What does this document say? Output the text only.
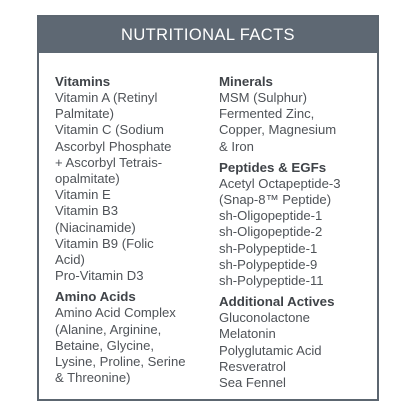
NUTRITIONAL FACTS
Vitamins
Vitamin A (Retinyl
Palmitate)
Vitamin C (Sodium
Ascorbyl Phosphate
+ Ascorbyl Tetrais-
opalmitate)
Vitamin E
Vitamin B3
(Niacinamide)
Vitamin B9 (Folic
Acid)
Pro-Vitamin D3
Amino Acids
Amino Acid Complex
(Alanine, Arginine,
Betaine, Glycine,
Lysine, Proline, Serine
& Threonine)
Minerals
MSM (Sulphur)
Fermented Zinc,
Copper, Magnesium
& Iron
Peptides & EGFs
Acetyl Octapeptide-3
(Snap-8™ Peptide)
sh-Oligopeptide-1
sh-Oligopeptide-2
sh-Polypeptide-1
sh-Polypeptide-9
sh-Polypeptide-11
Additional Actives
Gluconolactone
Melatonin
Polyglutamic Acid
Resveratrol
Sea Fennel
